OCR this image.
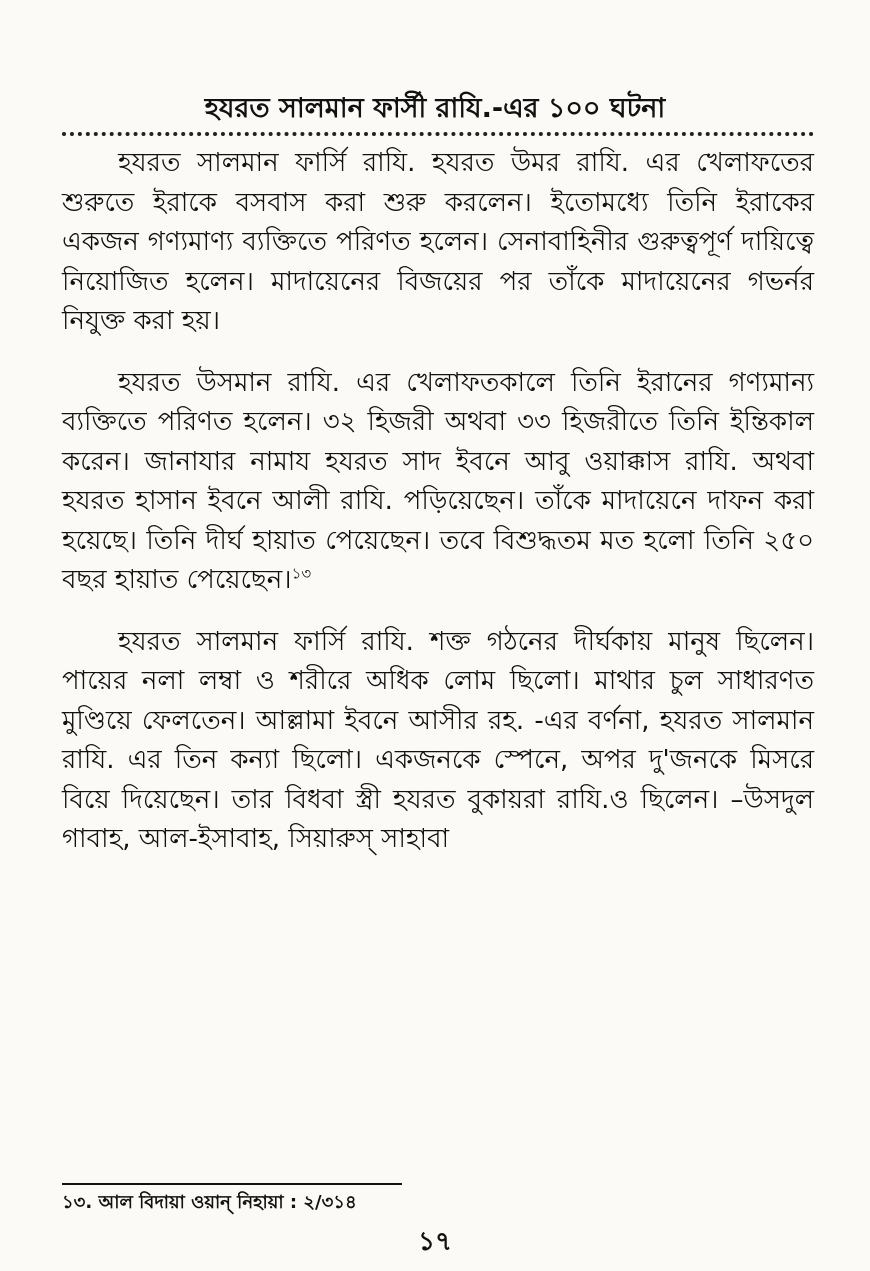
হযরত সালমান ফার্সী রাযি.-এর ১০০ ঘটনা

হযরত সালমান ফার্সি রাযি. হযরত উমর রাযি. এর খেলাফতের শুরুতে ইরাকে বসবাস করা শুরু করলেন। ইতোমধ্যে তিনি ইরাকের একজন গণ্যমাণ্য ব্যক্তিতে পরিণত হলেন। সেনাবাহিনীর গুরুত্বপূর্ণ দায়িত্বে নিয়োজিত হলেন। মাদায়েনের বিজয়ের পর তাঁকে মাদায়েনের গভর্নর নিযুক্ত করা হয়।

হযরত উসমান রাযি. এর খেলাফতকালে তিনি ইরানের গণ্যমান্য ব্যক্তিতে পরিণত হলেন। ৩২ হিজরী অথবা ৩৩ হিজরীতে তিনি ইন্তিকাল করেন। জানাযার নামায হযরত সাদ ইবনে আবু ওয়াক্কাস রাযি. অথবা হযরত হাসান ইবনে আলী রাযি. পড়িয়েছেন। তাঁকে মাদায়েনে দাফন করা হয়েছে। তিনি দীর্ঘ হায়াত পেয়েছেন। তবে বিশুদ্ধতম মত হলো তিনি ২৫০ বছর হায়াত পেয়েছেন।$^{১৩}$

হযরত সালমান ফার্সি রাযি. শক্ত গঠনের দীর্ঘকায় মানুষ ছিলেন। পায়ের নলা লম্বা ও শরীরে অধিক লোম ছিলো। মাথার চুল সাধারণত মুণ্ডিয়ে ফেলতেন। আল্লামা ইবনে আসীর রহ. -এর বর্ণনা, হযরত সালমান রাযি. এর তিন কন্যা ছিলো। একজনকে স্পেনে, অপর দু'জনকে মিসরে বিয়ে দিয়েছেন। তার বিধবা স্ত্রী হযরত বুকায়রা রাযি.ও ছিলেন। –উসদুল গাবাহ, আল-ইসাবাহ, সিয়ারুস্ সাহাবা

১৩. আল বিদায়া ওয়ান্ নিহায়া : ২/৩১৪
১৭
